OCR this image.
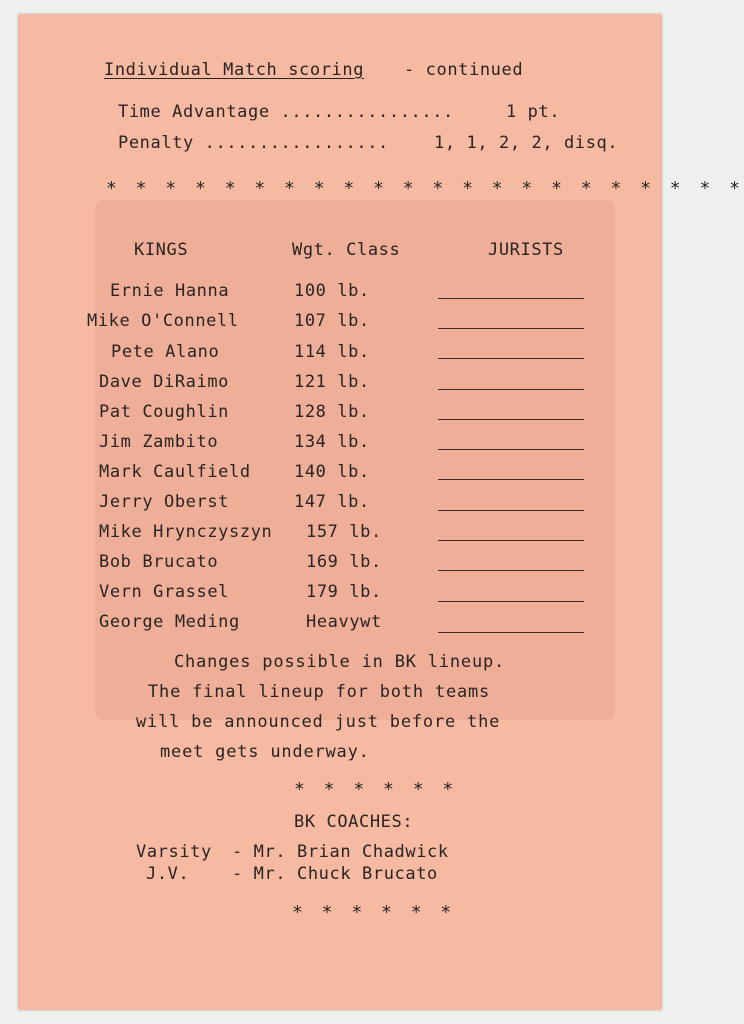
Individual Match scoring - continued
Time Advantage ................	1 pt.
Penalty .................	1, 1, 2, 2, disq.
* * * * * * * * * * * * * * * * * * * * * *
KINGS	Wgt. Class	JURISTS
Ernie Hanna	100 lb.
Mike O'Connell	107 lb.
Pete Alano	114 lb.
Dave DiRaimo	121 lb.
Pat Coughlin	128 lb.
Jim Zambito	134 lb.
Mark Caulfield	140 lb.
Jerry Oberst	147 lb.
Mike Hrynczyszyn 157 lb.
Bob Brucato	169 lb.
Vern Grassel	179 lb.
George Meding	Heavywt
Changes possible in BK lineup.
The final lineup for both teams
will be announced just before the
meet gets underway.
* * * * * *
BK COACHES:
Varsity - Mr. Brian Chadwick
J.V.	- Mr. Chuck Brucato
* * * * * *
